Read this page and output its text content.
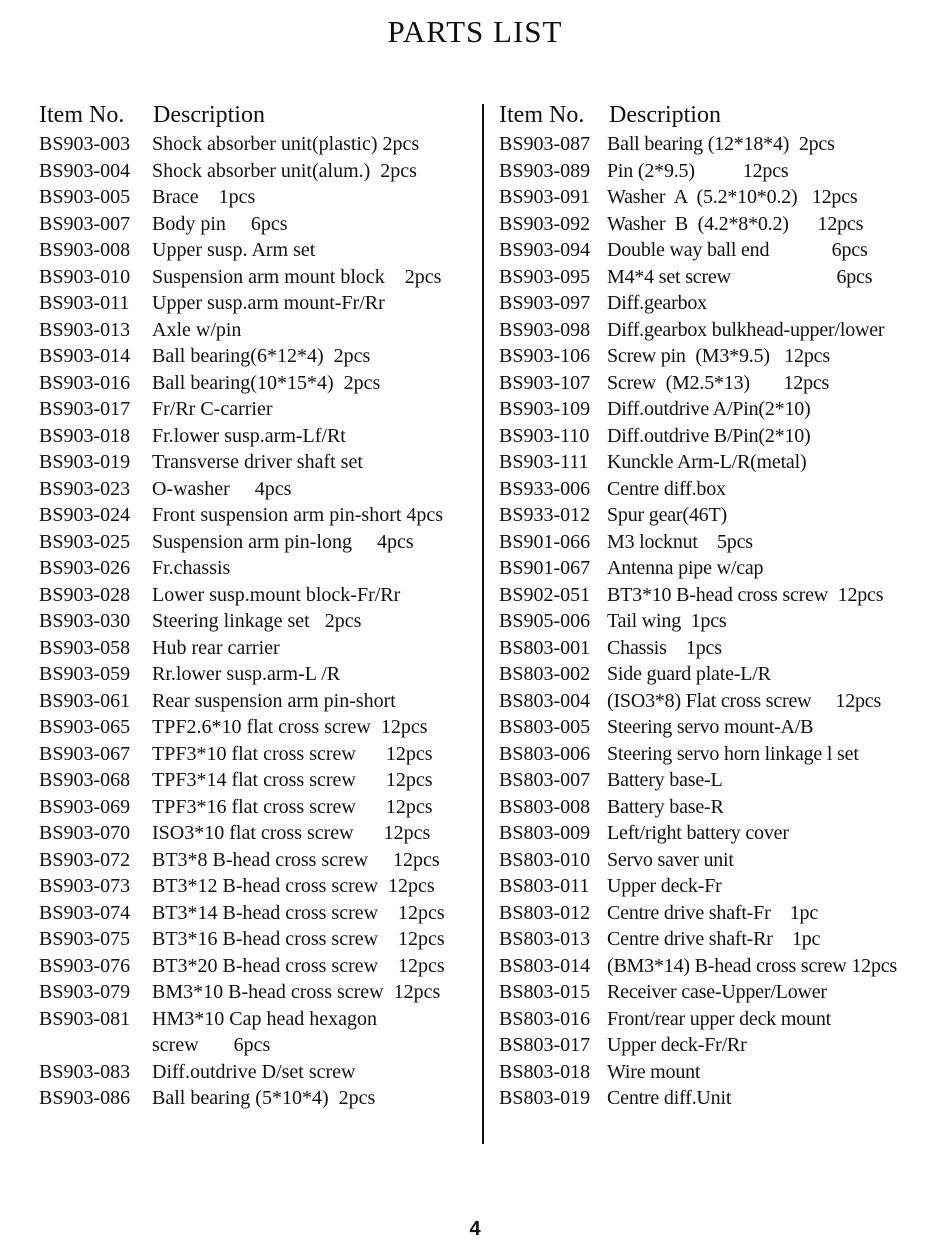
PARTS LIST
Item No.	Description
BS903-003	Shock absorber unit(plastic) 2pcs
BS903-004	Shock absorber unit(alum.)  2pcs
BS903-005	Brace    1pcs
BS903-007	Body pin     6pcs
BS903-008	Upper susp. Arm set
BS903-010	Suspension arm mount block    2pcs
BS903-011	Upper susp.arm mount-Fr/Rr
BS903-013	Axle w/pin
BS903-014	Ball bearing(6*12*4)  2pcs
BS903-016	Ball bearing(10*15*4)  2pcs
BS903-017	Fr/Rr C-carrier
BS903-018	Fr.lower susp.arm-Lf/Rt
BS903-019	Transverse driver shaft set
BS903-023	O-washer     4pcs
BS903-024	Front suspension arm pin-short 4pcs
BS903-025	Suspension arm pin-long     4pcs
BS903-026	Fr.chassis
BS903-028	Lower susp.mount block-Fr/Rr
BS903-030	Steering linkage set   2pcs
BS903-058	Hub rear carrier
BS903-059	Rr.lower susp.arm-L /R
BS903-061	Rear suspension arm pin-short
BS903-065	TPF2.6*10 flat cross screw  12pcs
BS903-067	TPF3*10 flat cross screw      12pcs
BS903-068	TPF3*14 flat cross screw      12pcs
BS903-069	TPF3*16 flat cross screw      12pcs
BS903-070	ISO3*10 flat cross screw      12pcs
BS903-072	BT3*8 B-head cross screw     12pcs
BS903-073	BT3*12 B-head cross screw  12pcs
BS903-074	BT3*14 B-head cross screw    12pcs
BS903-075	BT3*16 B-head cross screw    12pcs
BS903-076	BT3*20 B-head cross screw    12pcs
BS903-079	BM3*10 B-head cross screw  12pcs
BS903-081	HM3*10 Cap head hexagon
screw       6pcs
BS903-083	Diff.outdrive D/set screw
BS903-086	Ball bearing (5*10*4)  2pcs
Item No.	Description
BS903-087 Ball bearing (12*18*4)  2pcs
BS903-089 Pin (2*9.5)          12pcs
BS903-091 Washer  A  (5.2*10*0.2)   12pcs
BS903-092 Washer  B  (4.2*8*0.2)      12pcs
BS903-094 Double way ball end             6pcs
BS903-095 M4*4 set screw                      6pcs
BS903-097 Diff.gearbox
BS903-098 Diff.gearbox bulkhead-upper/lower
BS903-106 Screw pin  (M3*9.5)   12pcs
BS903-107 Screw  (M2.5*13)       12pcs
BS903-109 Diff.outdrive A/Pin(2*10)
BS903-110 Diff.outdrive B/Pin(2*10)
BS903-111 Kunckle Arm-L/R(metal)
BS933-006 Centre diff.box
BS933-012 Spur gear(46T)
BS901-066 M3 locknut    5pcs
BS901-067 Antenna pipe w/cap
BS902-051 BT3*10 B-head cross screw  12pcs
BS905-006 Tail wing  1pcs
BS803-001 Chassis    1pcs
BS803-002 Side guard plate-L/R
BS803-004 (ISO3*8) Flat cross screw     12pcs
BS803-005 Steering servo mount-A/B
BS803-006 Steering servo horn linkage l set
BS803-007 Battery base-L
BS803-008 Battery base-R
BS803-009 Left/right battery cover
BS803-010 Servo saver unit
BS803-011 Upper deck-Fr
BS803-012 Centre drive shaft-Fr    1pc
BS803-013 Centre drive shaft-Rr    1pc
BS803-014 (BM3*14) B-head cross screw 12pcs
BS803-015 Receiver case-Upper/Lower
BS803-016 Front/rear upper deck mount
BS803-017 Upper deck-Fr/Rr
BS803-018 Wire mount
BS803-019 Centre diff.Unit
4
